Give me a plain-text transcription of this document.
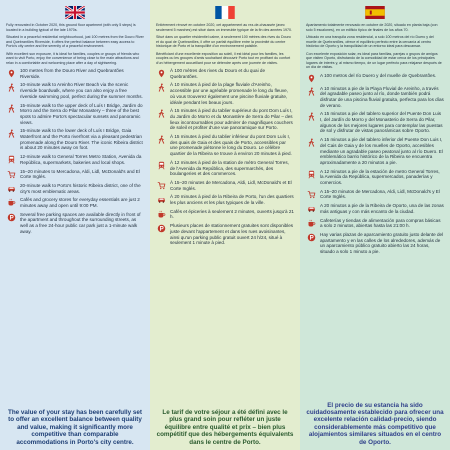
Fully renovated in October 2020, this ground floor apartment (with only 5 steps) is located in a building typical of the late 1970s.

Situated in a peaceful residential neighbourhood, just 100 metres from the Douro River and Quebrantões Riverside, it offers the perfect balance between easy access to Porto's city centre and the serenity of a peaceful environment.

With excellent sun exposure, it is ideal for families, couples or groups of friends who want to visit Porto, enjoy the convenience of being close to the main attractions and relax in a comfortable and welcoming place after a day of sightseeing.

100 metres from the Douro River and Quebrantões Riverside.
10-minute walk to Areinho River Beach via the scenic riverside boardwalk, where you can also enjoy a free riverside swimming pool, perfect during the summer months.
15-minute walk to the upper deck of Luís I Bridge, Jardim do Morro and the Serra do Pilar Monastery – three of the best spots to admire Porto's spectacular sunsets and panoramic views.
15-minute walk to the lower deck of Luís I Bridge, Gaia Waterfront and the Porto riverfront via a pleasant pedestrian promenade along the Douro River. The iconic Ribeira district is about 20 minutes away on foot.
12-minute walk to General Torres Metro Station, Avenida da República, supermarkets, bakeries and local shops.
15–20 minutes to Mercadona, Aldi, Lidl, McDonald's and El Corte Inglés.
20-minute walk to Porto's historic Ribeira district, one of the city's most emblematic areas.
Cafés and grocery stores for everyday essentials are just 2 minutes away and open until 9:00 PM.
Several free parking spaces are available directly in front of the apartment and throughout the surrounding streets, as well as a free 24-hour public car park just a 1-minute walk away.
The value of your stay has been carefully set to offer an excellent balance between quality and value, making it significantly more competitive than comparable accommodations in Porto's city centre.

Entièrement rénové en octobre 2020, cet appartement au rez-de-chaussée (avec seulement 5 marches) est situé dans un immeuble typique de la fin des années 1970.

Situé dans un quartier résidentiel calme, à seulement 100 mètres des rives du Douro et du quai de Quebrantões, il offre un parfait équilibre entre la proximité du centre historique de Porto et la tranquillité d'un environnement paisible.

Bénéficiant d'une excellente exposition au soleil, il est idéal pour les familles, les couples ou les groupes d'amis souhaitant découvrir Porto tout en profitant du confort d'un hébergement accueillant pour se détendre après une journée de visites.

À 100 mètres des rives du Douro et du quai de Quebrantões.
À 10 minutes à pied de la plage fluviale d'Areinho, accessible par une agréable promenade le long du fleuve, où vous trouverez également une piscine fluviale gratuite, idéale pendant les beaux jours.
À 15 minutes à pied du tablier supérieur du pont Dom Luís I, du Jardim do Morro et du Monastère de Serra do Pilar – des lieux incontournables pour admirer de magnifiques couchers de soleil et profiter d'une vue panoramique sur Porto.
À 15 minutes à pied du tablier inférieur du pont Dom Luís I, des quais de Gaia et des quais de Porto, accessibles par une promenade piétonne le long du Douro. Le célèbre quartier de la Ribeira se trouve à environ 20 minutes à pied.
À 12 minutes à pied de la station de métro General Torres, de l'Avenida da República, des supermarchés, des boulangeries et des commerces.
À 15–20 minutes de Mercadona, Aldi, Lidl, McDonald's et El Corte Inglés.
À 20 minutes à pied de la Ribeira de Porto, l'un des quartiers les plus anciens et les plus typiques de la ville.
Cafés et épiceries à seulement 2 minutes, ouverts jusqu'à 21 h.
Plusieurs places de stationnement gratuites sont disponibles juste devant l'appartement et dans les rues avoisinantes, ainsi qu'un parking public gratuit ouvert 24 h/24, situé à seulement 1 minute à pied.
Le tarif de votre séjour a été défini avec le plus grand soin pour refléter un juste équilibre entre qualité et prix – bien plus compétitif que des hébergements équivalents dans le centre de Porto.

Apartamento totalmente renovado en octubre de 2020, situado en planta baja (con solo 5 escalones), en un edificio típico de finales de los años 70.

Ubicado en una tranquila zona residencial, a solo 100 metros del río Duero y del muelle de Quebrantões, ofrece el equilibrio perfecto entre la cercanía al centro histórico de Oporto y la tranquilidad de un entorno ideal para descansar.

Con excelente exposición solar, es ideal para familias, parejas o grupos de amigos que visiten Oporto, disfrutando de la comodidad de estar cerca de los principales lugares de interés y, al mismo tiempo, de un lugar perfecto para relajarse después de un día de visitas.

A 100 metros del río Duero y del muelle de Quebrantões.
A 10 minutos a pie de la Playa Fluvial de Areinho, a través del agradable paseo junto al río, donde también podrá disfrutar de una piscina fluvial gratuita, perfecta para los días de verano.
A 15 minutos a pie del tablero superior del Puente Don Luis I, del Jardín do Morro y del Monasterio de Serra do Pilar, algunos de los mejores lugares para contemplar las puestas de sol y disfrutar de vistas panorámicas sobre Oporto.
A 15 minutos a pie del tablero inferior del Puente Don Luis I, del Cais de Gaia y de los muelles de Oporto, accesibles mediante un agradable paseo peatonal junto al río Duero. El emblemático barrio histórico de la Ribeira se encuentra aproximadamente a 20 minutos a pie.
A 12 minutos a pie de la estación de metro General Torres, la Avenida da República, supermercados, panaderías y comercios.
A 15–20 minutos de Mercadona, Aldi, Lidl, McDonald's y El Corte Inglés.
A 20 minutos a pie de la Ribeira de Oporto, una de las zonas más antiguas y con más encanto de la ciudad.
Cafeterías y tiendas de alimentación para compras básicas a solo 2 minutos, abiertas hasta las 21:00 h.
Hay varias plazas de aparcamiento gratuito justo delante del apartamento y en las calles de los alrededores, además de un aparcamiento público gratuito abierto las 24 horas, situado a solo 1 minuto a pie.
El precio de su estancia ha sido cuidadosamente establecido para ofrecer una excelente relación calidad-precio, siendo considerablemente más competitivo que alojamientos similares situados en el centro de Oporto.
